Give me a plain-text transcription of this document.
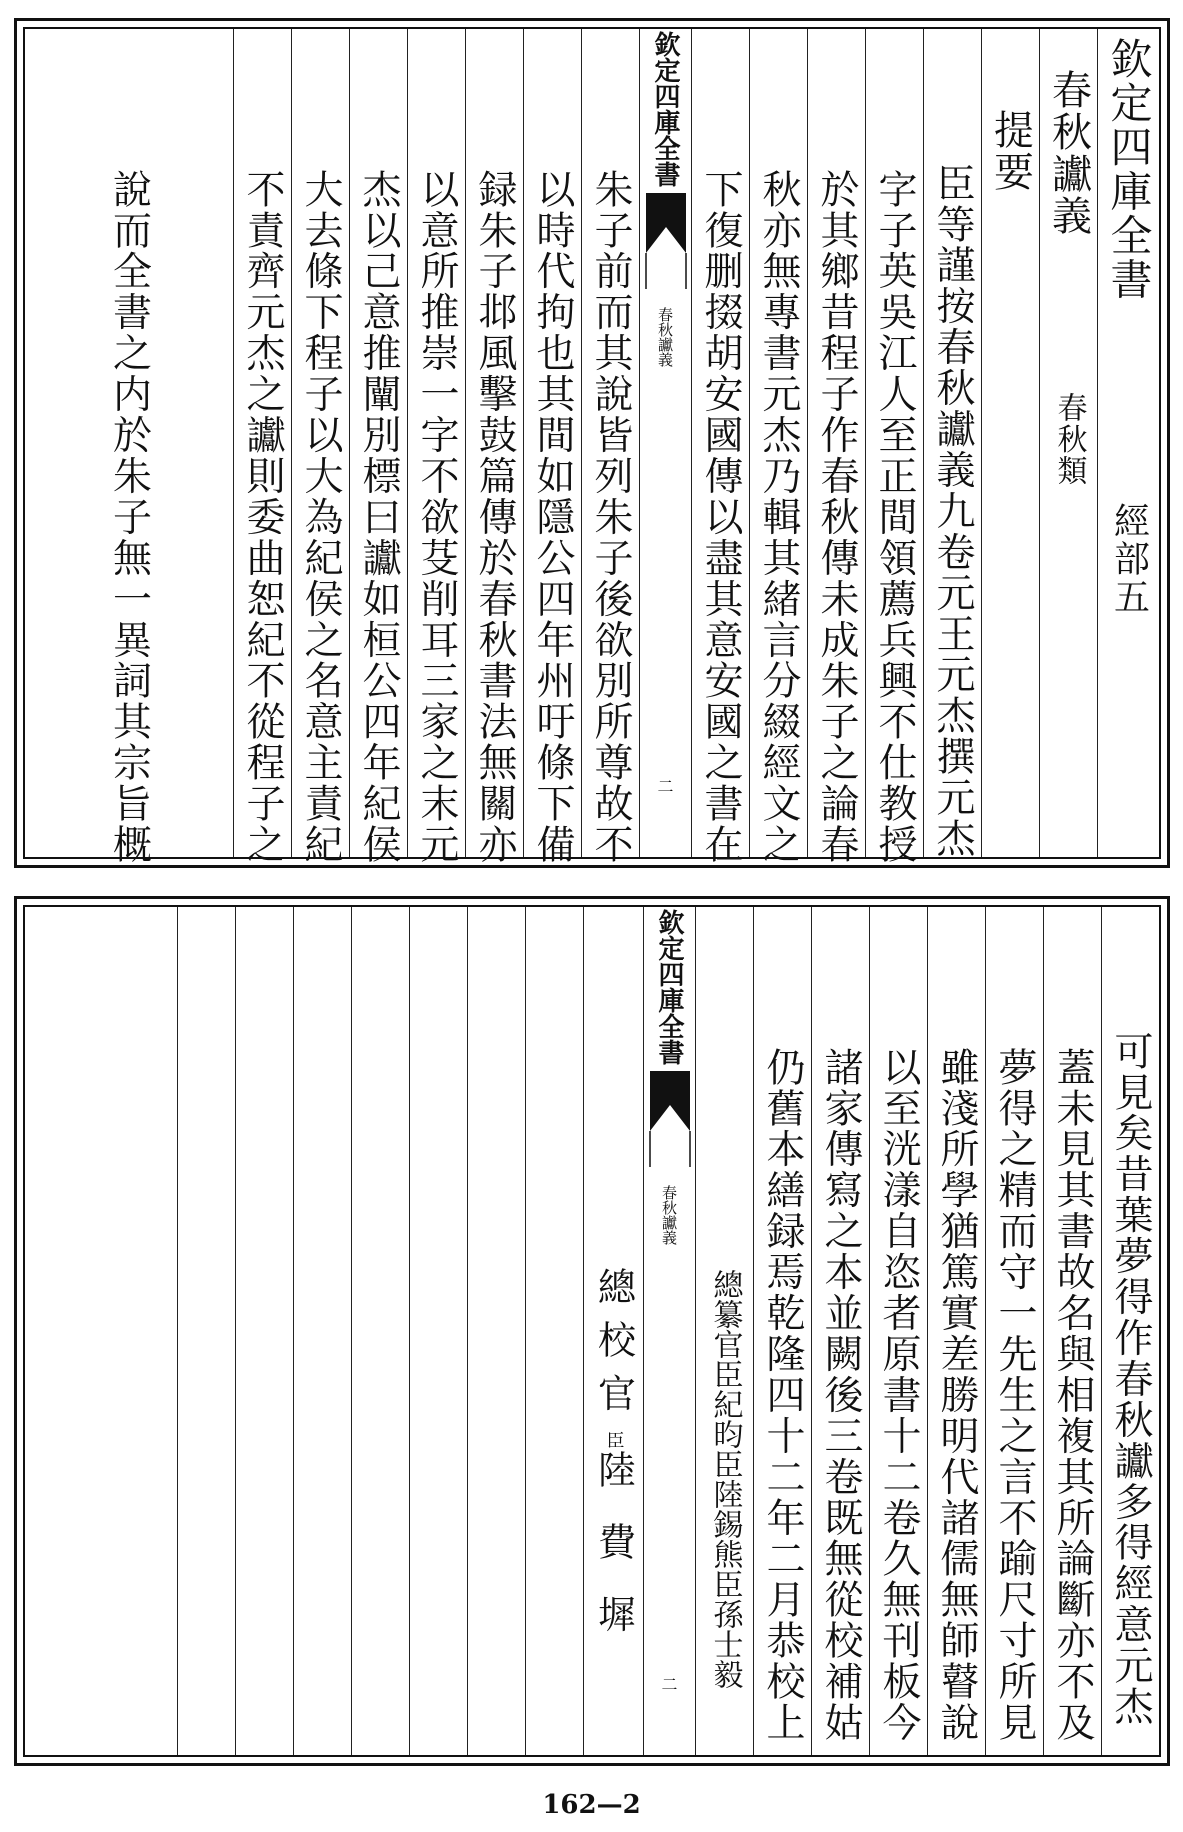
欽定四庫全書
經部五
春秋讞義
春秋類
提要
臣等謹按春秋讞義九卷元王元杰撰元杰
字子英吳江人至正間領薦兵興不仕教授
於其鄉昔程子作春秋傳未成朱子之論春
秋亦無專書元杰乃輯其緒言分綴經文之
下復删掇胡安國傳以盡其意安國之書在
欽定四庫全書
春秋讞義
二
朱子前而其說皆列朱子後欲別所尊故不
以時代拘也其間如隱公四年州吁條下備
録朱子邶風擊鼓篇傳於春秋書法無關亦
以意所推崇一字不欲芟削耳三家之末元
杰以己意推闡別標曰讞如桓公四年紀侯
大去條下程子以大為紀侯之名意主責紀
不責齊元杰之讞則委曲恕紀不從程子之
說而全書之内於朱子無一異詞其宗旨概
可見矣昔葉夢得作春秋讞多得經意元杰
蓋未見其書故名與相複其所論斷亦不及
夢得之精而守一先生之言不踰尺寸所見
雖淺所學猶篤實差勝明代諸儒無師瞽說
以至洸漾自恣者原書十二卷久無刊板今
諸家傳寫之本並闕後三卷既無從校補姑
仍舊本繕録焉乾隆四十二年二月恭校上
總纂官臣紀昀臣陸錫熊臣孫士毅
欽定四庫全書
春秋讞義
二
總校官
臣
陸費墀
162—2
